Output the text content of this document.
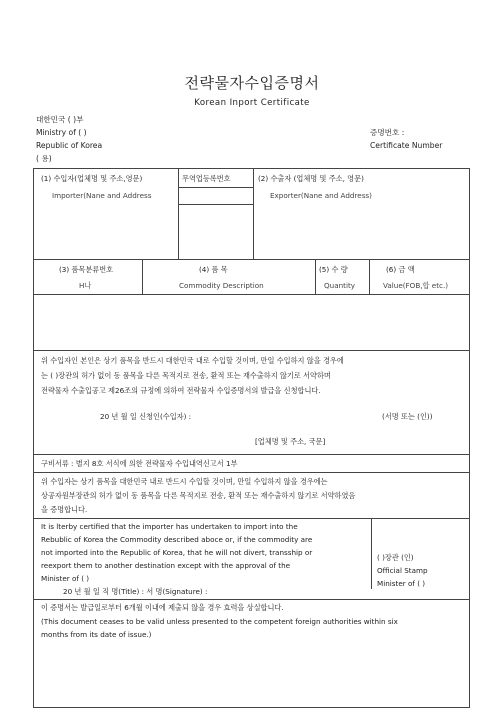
전략물자수입증명서
Korean Inport Certificate
대한민국 ( )부
Ministry of ( )
Republic of Korea
( 용)
증명번호 :
Certificate Number
(1) 수입자(업체명 및 주소,영문)
Importer(Nane and Address
무역업등록번호	(2) 수출자 (업체명 및 주소, 영문)
Exporter(Nane and Address)
(3) 품목분류번호
H나
(4) 품 목
Commodity Description
(5) 수 량
Quantity
(6) 금 액
Value(FOB,합 etc.)
위 수입자인 본인은 상기 품목을 반드시 대한민국 내로 수입할 것이며, 만일 수입하지 않을 경우에
는 ( )장관의 허가 없이 동 품목을 다른 목적지로 전송, 환적 또는 재수출하지 않기로 서약하며
전략물자 수출입공고 제26조의 규정에 의하여 전략물자 수입증명서의 발급을 신청합니다.
20 년 월 일 신청인(수입자) :	(서명 또는 (인))
[업체명 및 주소, 국문]
구비서류 : 별지 8호 서식에 의한 전략물자 수입내역신고서 1부
위 수입자는 상기 품목을 대한민국 내로 반드시 수입할 것이며, 만일 수입하지 않을 경우에는
상공자원부장관의 허가 없이 동 품목을 다른 목적지로 전송, 환적 또는 재수출하지 않기로 서약하였음
을 증명합니다.
It is lterby certified that the importer has undertaken to import into the
Rebublic of Korea the Commodity described aboce or, if the commodity are
not imported into the Republic of Korea, that he will not divert, transship or
reexport them to another destination except with the approval of the
Minister of ( )
20 년 월 일 직 명(Title) : 서 명(Signature) :
( )장관 (인)
Official Stamp
Minister of ( )
이 증명서는 발급일로부터 6개월 이내에 제출되 않을 경우 효력을 상실합니다.
(This document ceases to be valid unless presented to the competent foreign authorities within six
months from its date of issue.)
